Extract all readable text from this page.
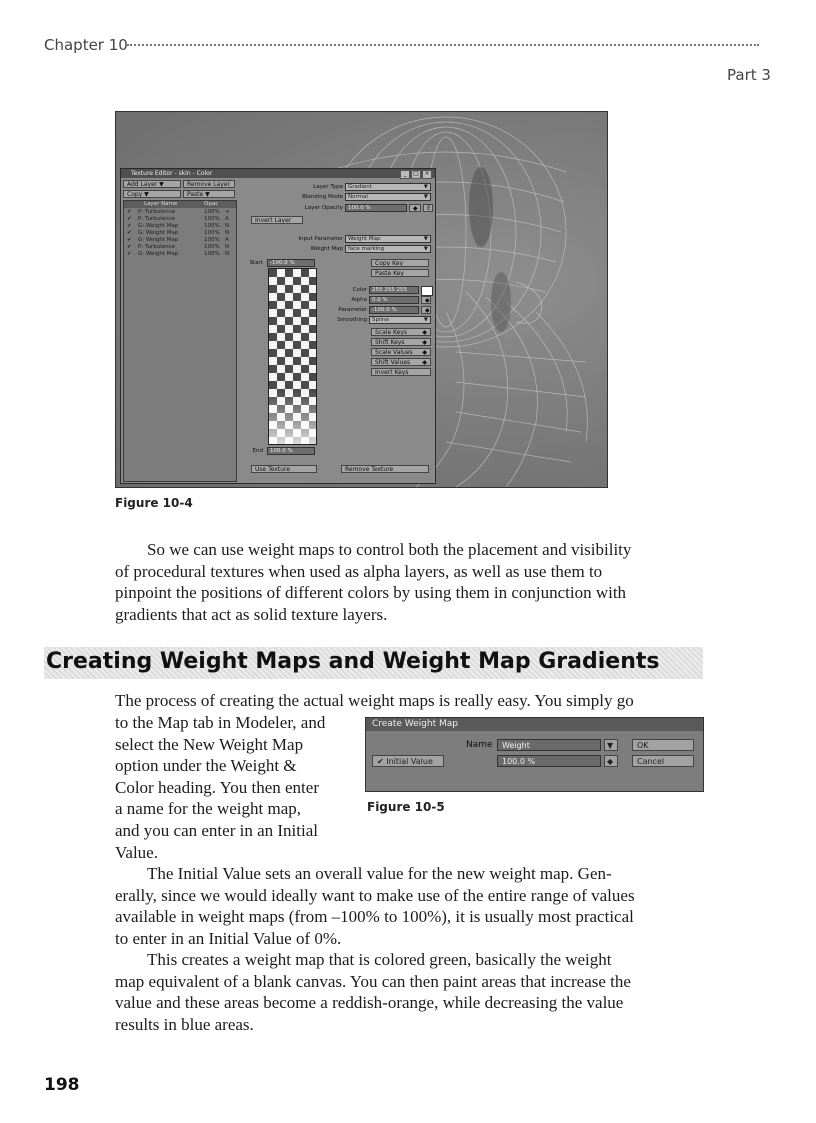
Chapter 10
Part 3
Texture Editor - skin - Color	_	□ ×
Add Layer ▼	Remove Layer
Copy ▼	Paste ▼
Layer Name	Opac
✔ P: Turbulence	100% +
✔ P: Turbulence	100% A
✔ G: Weight Map	100% N
✔ G: Weight Map	100% N
✔ G: Weight Map	100% A
✔ P: Turbulence	100% N
✔ G: Weight Map	100% N
Layer Type Gradient	▼
Blending Mode Normal	▼
Layer Opacity 100.0 %	◆	E
Invert Layer
Input Parameter Weight Map	▼
Weight Map face marking	▼
Start	-100.0 %	Copy Key
Paste Key
Color 255 255 255
Alpha 0.0 %	◆
Parameter -100.0 %	◆
Smoothing Spline	▼
Scale Keys	◆
Shift Keys	◆
Scale Values ◆
Shift Values ◆
Invert Keys
End	100.0 %
Use Texture	Remove Texture
Figure 10-4

So we can use weight maps to control both the placement and visibility

of procedural textures when used as alpha layers, as well as use them to

pinpoint the positions of different colors by using them in conjunction with

gradients that act as solid texture layers.

Creating Weight Maps and Weight Map Gradients

The process of creating the actual weight maps is really easy. You simply go

to the Map tab in Modeler, and

select the New Weight Map

option under the Weight &

Color heading. You then enter

a name for the weight map,

and you can enter in an Initial

Value.

Create Weight Map
Name	Weight	▼	OK
✔ Initial Value	100.0 %	◆	Cancel
Figure 10-5

The Initial Value sets an overall value for the new weight map. Gen-

erally, since we would ideally want to make use of the entire range of values

available in weight maps (from –100% to 100%), it is usually most practical

to enter in an Initial Value of 0%.

This creates a weight map that is colored green, basically the weight

map equivalent of a blank canvas. You can then paint areas that increase the

value and these areas become a reddish-orange, while decreasing the value

results in blue areas.

198
